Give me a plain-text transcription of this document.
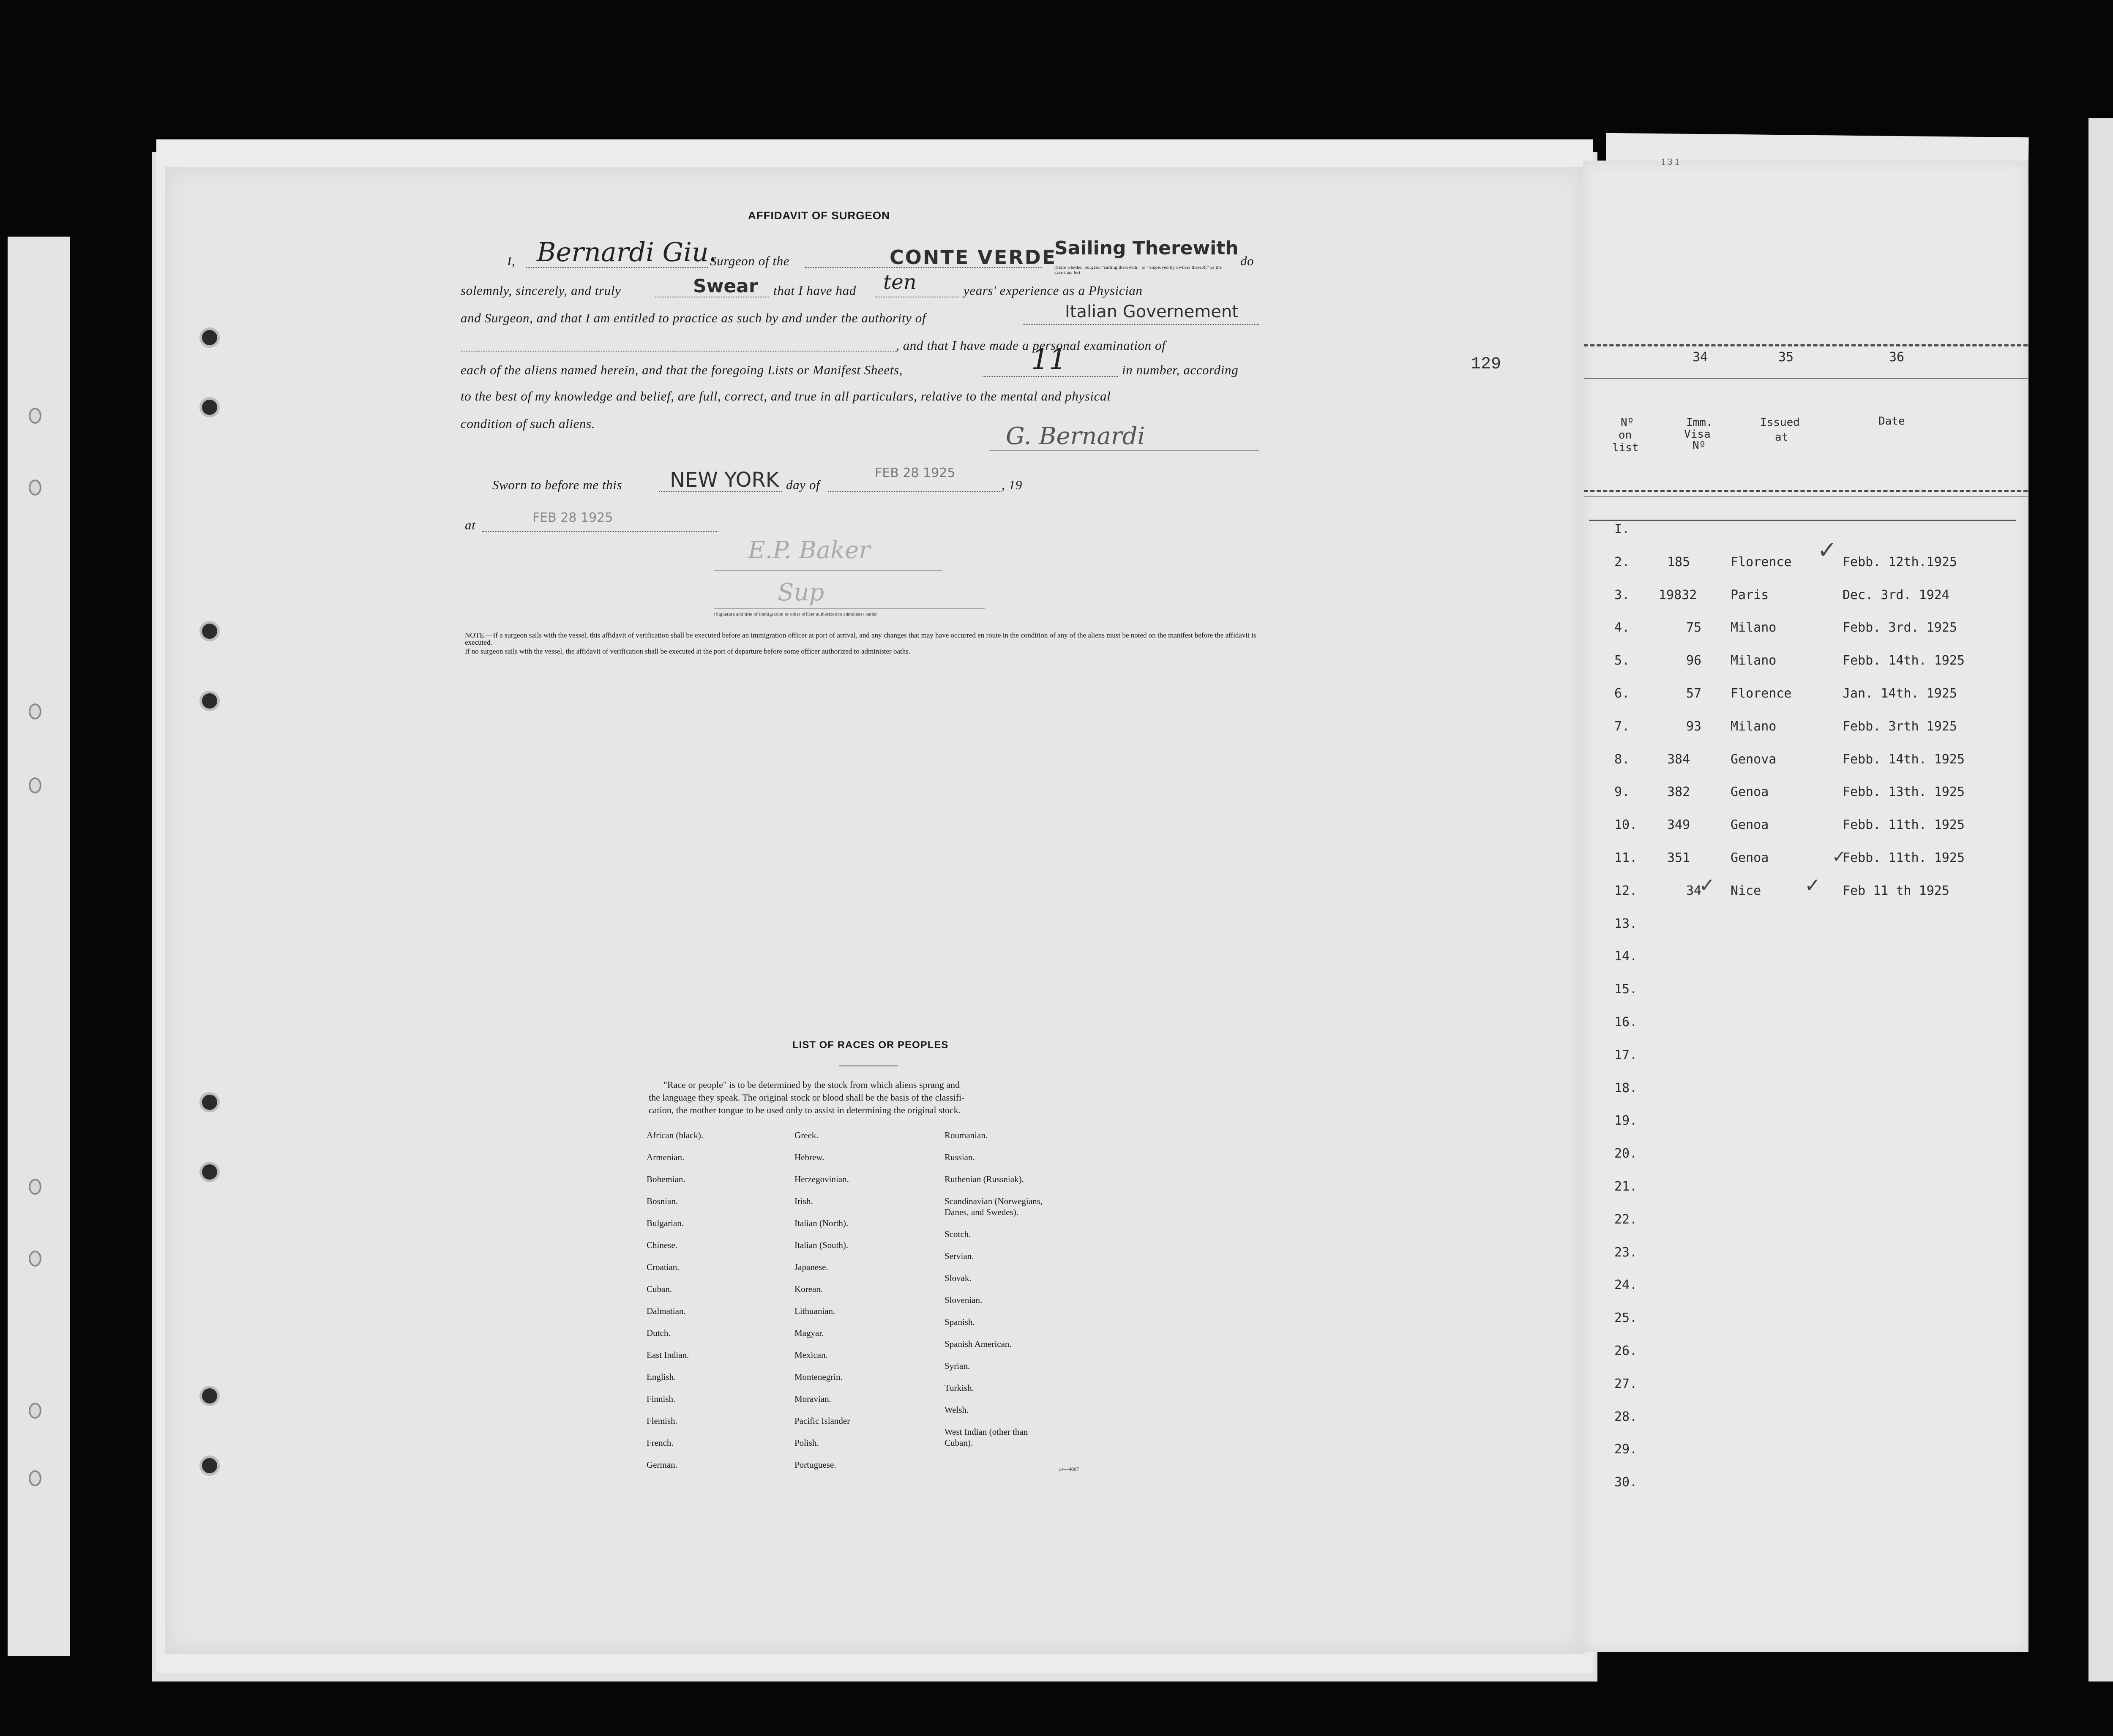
AFFIDAVIT OF SURGEON
I, Bernardi Giu.
Surgeon of the	CONTE VERDE
Sailing Therewith
(State whether Surgeon "sailing therewith," or "employed by owners thereof," as the case may be)
do
solemnly, sincerely, and truly	Swear that I have had ten	years' experience as a Physician
and Surgeon, and that I am entitled to practice as such by and under the authority of	Italian Governement
, and that I have made a personal examination of
each of the aliens named herein, and that the foregoing Lists or Manifest Sheets,	11	in number, according
to the best of my knowledge and belief, are full, correct, and true in all particulars, relative to the mental and physical
condition of such aliens.	G. Bernardi
129
Sworn to before me this NEW YORK day of
FEB 28 1925
, 19
at	FEB 28 1925
E.P. Baker
Sup
(Signature and title of immigration or other officer authorized to administer oaths)
NOTE.—If a surgeon sails with the vessel, this affidavit of verification shall be executed before an immigration officer at port of arrival, and any changes that may have occurred en route in the condition of any of the aliens must be noted on the manifest before the affidavit is executed.
If no surgeon sails with the vessel, the affidavit of verification shall be executed at the port of departure before some officer authorized to administer oaths.
LIST OF RACES OR PEOPLES
"Race or people" is to be determined by the stock from which aliens sprang and
the language they speak. The original stock or blood shall be the basis of the classifi-
cation, the mother tongue to be used only to assist in determining the original stock.
African (black).
Armenian.
Bohemian.
Bosnian.
Bulgarian.
Chinese.
Croatian.
Cuban.
Dalmatian.
Dutch.
East Indian.
English.
Finnish.
Flemish.
French.
German.
Greek.
Hebrew.
Herzegovinian.
Irish.
Italian (North).
Italian (South).
Japanese.
Korean.
Lithuanian.
Magyar.
Mexican.
Montenegrin.
Moravian.
Pacific Islander
Polish.
Portuguese.
Roumanian.
Russian.
Ruthenian (Russniak).
Scandinavian (Norwegians,
Danes, and Swedes).
Scotch.
Servian.
Slovak.
Slovenian.
Spanish.
Spanish American.
Syrian.
Turkish.
Welsh.
West Indian (other than
Cuban).
14—4007
1 3 1
34	35	36
Nº
on
list
Imm.
Visa
Nº
Issued
at
Date
I.
2.	185	Florence	Febb. 12th.1925
3. 19832	Paris	Dec. 3rd. 1924
4.	75 Milano	Febb. 3rd. 1925
5.	96 Milano	Febb. 14th. 1925
6.	57 Florence	Jan. 14th. 1925
7.	93 Milano	Febb. 3rth 1925
8.	384	Genova	Febb. 14th. 1925
9.	382	Genoa	Febb. 13th. 1925
10. 349	Genoa	Febb. 11th. 1925
11. 351	Genoa	Febb. 11th. 1925
12.	34 Nice	Feb 11 th 1925
13.
14.
15.
16.
17.
18.
19.
20.
21.
22.
23.
24.
25.
26.
27.
28.
29.
30.
✓
✓	✓
✓
